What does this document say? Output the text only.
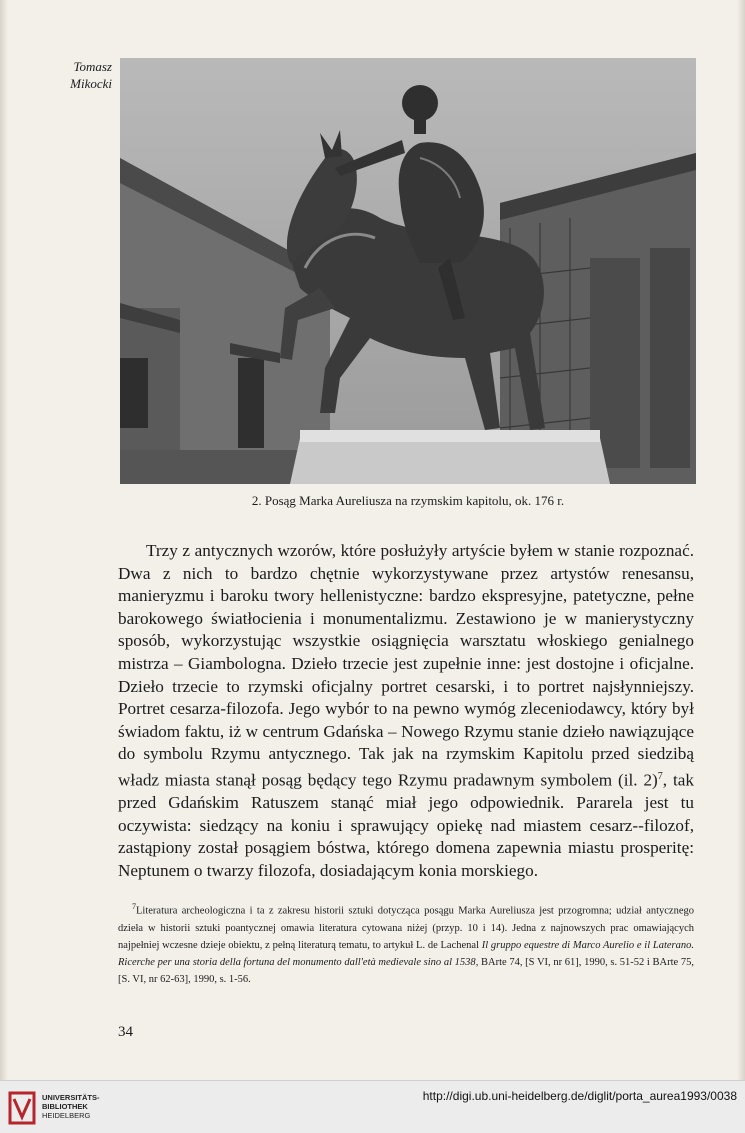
Tomasz
Mikocki
2. Posąg Marka Aureliusza na rzymskim kapitolu, ok. 176 r.

Trzy z antycznych wzorów, które posłużyły artyście byłem w stanie rozpoznać. Dwa z nich to bardzo chętnie wykorzystywane przez artystów renesansu, manieryzmu i baroku twory hellenistyczne: bardzo ekspresyjne, patetyczne, pełne barokowego światłocienia i monumentalizmu. Zestawiono je w manierystyczny sposób, wykorzystując wszystkie osiągnięcia warsztatu włoskiego genialnego mistrza – Giambologna. Dzieło trzecie jest zupełnie inne: jest dostojne i oficjalne. Dzieło trzecie to rzymski oficjalny portret cesarski, i to portret najsłynniejszy. Portret cesarza-filozofa. Jego wybór to na pewno wymóg zleceniodawcy, który był świadom faktu, iż w centrum Gdańska – Nowego Rzymu stanie dzieło nawiązujące do symbolu Rzymu antycznego. Tak jak na rzymskim Kapitolu przed siedzibą władz miasta stanął posąg będący tego Rzymu pradawnym symbolem (il. 2)$^7$, tak przed Gdańskim Ratuszem stanąć miał jego odpowiednik. Pararela jest tu oczywista: siedzący na koniu i sprawujący opiekę nad miastem cesarz--filozof, zastąpiony został posągiem bóstwa, którego domena zapewnia miastu prosperitę: Neptunem o twarzy filozofa, dosiadającym konia morskiego.

$^7$Literatura archeologiczna i ta z zakresu historii sztuki dotycząca posągu Marka Aureliusza jest przogromna; udział antycznego dzieła w historii sztuki poantycznej omawia literatura cytowana niżej (przyp. 10 i 14). Jedna z najnowszych prac omawiających najpełniej wczesne dzieje obiektu, z pełną literaturą tematu, to artykuł L. de Lachenal Il gruppo equestre di Marco Aurelio e il Laterano. Ricerche per una storia della fortuna del monumento dall'età medievale sino al 1538, BArte 74, [S VI, nr 61], 1990, s. 51-52 i BArte 75, [S. VI, nr 62-63], 1990, s. 1-56.

34
UNIVERSITÄTS-
BIBLIOTHEK
HEIDELBERG
http://digi.ub.uni-heidelberg.de/diglit/porta_aurea1993/0038
